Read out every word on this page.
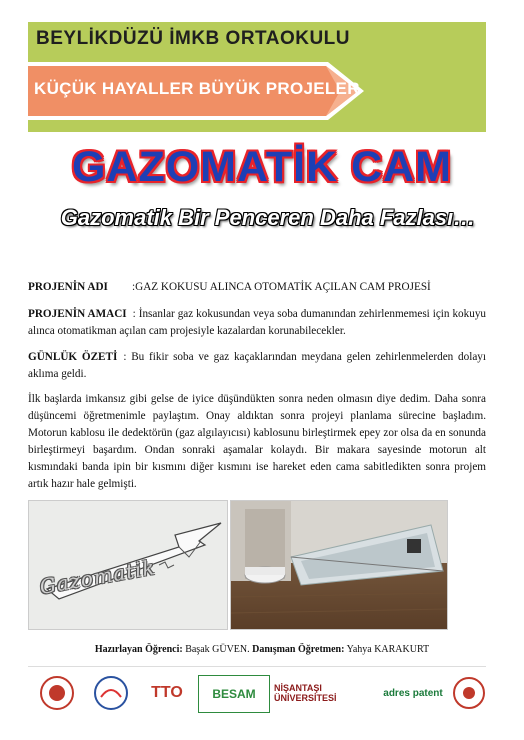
BEYLİKDÜZÜ İMKB ORTAOKULU
KÜÇÜK HAYALLER BÜYÜK PROJELER
GAZOMATİK CAM
Gazomatik Bir Penceren Daha Fazlası…
PROJENİN ADI :GAZ KOKUSU ALINCA OTOMATİK AÇILAN CAM PROJESİ
PROJENİN AMACI : İnsanlar gaz kokusundan veya soba dumanından zehirlenmemesi için kokuyu alınca otomatikman açılan cam projesiyle kazalardan korunabilecekler.
GÜNLÜK ÖZETİ : Bu fikir soba ve gaz kaçaklarından meydana gelen zehirlenmelerden dolayı aklıma geldi.
İlk başlarda imkansız gibi gelse de iyice düşündükten sonra neden olmasın diye dedim. Daha sonra düşüncemi öğretmenimle paylaştım. Onay aldıktan sonra projeyi planlama sürecine başladım. Motorun kablosu ile dedektörün (gaz algılayıcısı) kablosunu birleştirmek epey zor olsa da en sonunda birleştirmeyi başardım. Ondan sonraki aşamalar kolaydı. Bir makara sayesinde motorun alt kısmındaki banda ipin bir kısmını diğer kısmını ise hareket eden cama sabitledikten sonra projem artık hazır hale gelmişti.
Gazomatik
Hazırlayan Öğrenci: Başak GÜVEN. Danışman Öğretmen: Yahya KARAKURT
TTO	BESAM	NİŞANTAŞI ÜNİVERSİTESİ	adres patent
